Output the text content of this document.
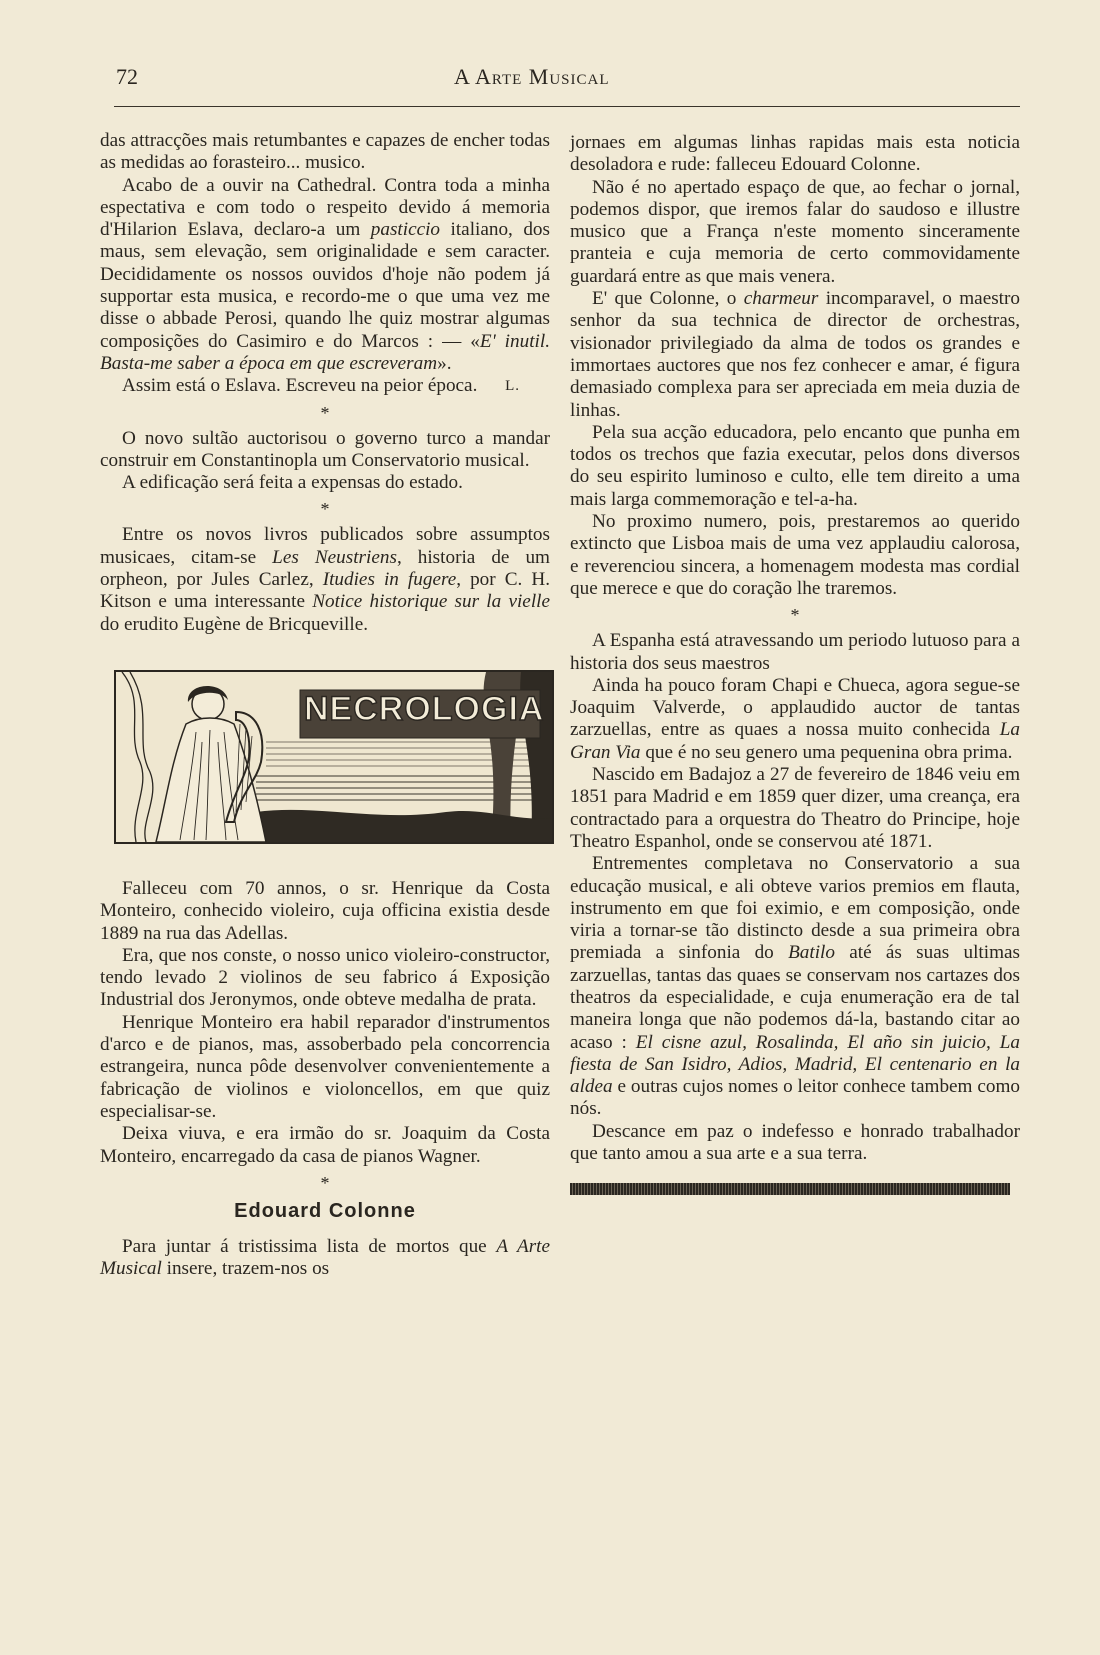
72	A Arte Musical

das attracções mais retumbantes e capazes de encher todas as medidas ao forasteiro... musico.

Acabo de a ouvir na Cathedral. Contra toda a minha espectativa e com todo o respeito devido á memoria d'Hilarion Eslava, declaro-a um pasticcio italiano, dos maus, sem elevação, sem originalidade e sem caracter. Decididamente os nossos ouvidos d'hoje não podem já supportar esta musica, e recordo-me o que uma vez me disse o abbade Perosi, quando lhe quiz mostrar algumas composições do Casimiro e do Marcos : — «E' inutil. Basta-me saber a época em que escreveram».

Assim está o Eslava. Escreveu na peior época.	L.

*

O novo sultão auctorisou o governo turco a mandar construir em Constantinopla um Conservatorio musical.

A edificação será feita a expensas do estado.

*

Entre os novos livros publicados sobre assumptos musicaes, citam-se Les Neustriens, historia de um orpheon, por Jules Carlez, Itudies in fugere, por C. H. Kitson e uma interessante Notice historique sur la vielle do erudito Eugène de Bricqueville.

NECROLOGIA

Falleceu com 70 annos, o sr. Henrique da Costa Monteiro, conhecido violeiro, cuja officina existia desde 1889 na rua das Adellas.

Era, que nos conste, o nosso unico violeiro-constructor, tendo levado 2 violinos de seu fabrico á Exposição Industrial dos Jeronymos, onde obteve medalha de prata.

Henrique Monteiro era habil reparador d'instrumentos d'arco e de pianos, mas, assoberbado pela concorrencia estrangeira, nunca pôde desenvolver convenientemente a fabricação de violinos e violoncellos, em que quiz especialisar-se.

Deixa viuva, e era irmão do sr. Joaquim da Costa Monteiro, encarregado da casa de pianos Wagner.

*
Edouard Colonne

Para juntar á tristissima lista de mortos que A Arte Musical insere, trazem-nos os

jornaes em algumas linhas rapidas mais esta noticia desoladora e rude: falleceu Edouard Colonne.

Não é no apertado espaço de que, ao fechar o jornal, podemos dispor, que iremos falar do saudoso e illustre musico que a França n'este momento sinceramente pranteia e cuja memoria de certo commovidamente guardará entre as que mais venera.

E' que Colonne, o charmeur incomparavel, o maestro senhor da sua technica de director de orchestras, visionador privilegiado da alma de todos os grandes e immortaes auctores que nos fez conhecer e amar, é figura demasiado complexa para ser apreciada em meia duzia de linhas.

Pela sua acção educadora, pelo encanto que punha em todos os trechos que fazia executar, pelos dons diversos do seu espirito luminoso e culto, elle tem direito a uma mais larga commemoração e tel-a-ha.

No proximo numero, pois, prestaremos ao querido extincto que Lisboa mais de uma vez applaudiu calorosa, e reverenciou sincera, a homenagem modesta mas cordial que merece e que do coração lhe traremos.

*

A Espanha está atravessando um periodo lutuoso para a historia dos seus maestros

Ainda ha pouco foram Chapi e Chueca, agora segue-se Joaquim Valverde, o applaudido auctor de tantas zarzuellas, entre as quaes a nossa muito conhecida La Gran Via que é no seu genero uma pequenina obra prima.

Nascido em Badajoz a 27 de fevereiro de 1846 veiu em 1851 para Madrid e em 1859 quer dizer, uma creança, era contractado para a orquestra do Theatro do Principe, hoje Theatro Espanhol, onde se conservou até 1871.

Entrementes completava no Conservatorio a sua educação musical, e ali obteve varios premios em flauta, instrumento em que foi eximio, e em composição, onde viria a tornar-se tão distincto desde a sua primeira obra premiada a sinfonia do Batilo até ás suas ultimas zarzuellas, tantas das quaes se conservam nos cartazes dos theatros da especialidade, e cuja enumeração era de tal maneira longa que não podemos dá-la, bastando citar ao acaso : El cisne azul, Rosalinda, El año sin juicio, La fiesta de San Isidro, Adios, Madrid, El centenario en la aldea e outras cujos nomes o leitor conhece tambem como nós.

Descance em paz o indefesso e honrado trabalhador que tanto amou a sua arte e a sua terra.
